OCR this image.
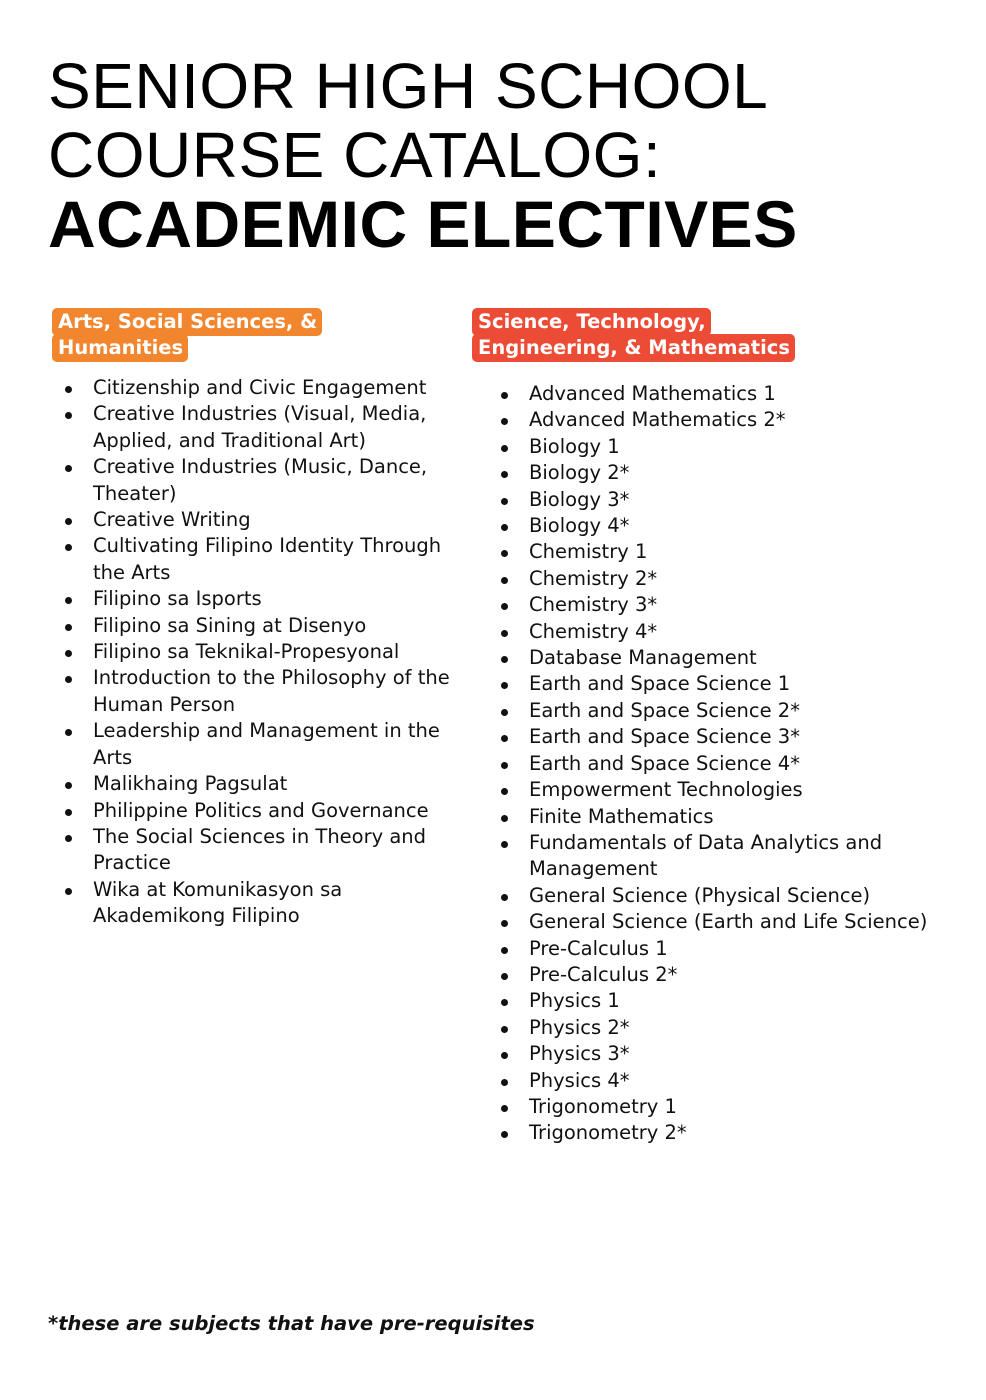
SENIOR HIGH SCHOOL
COURSE CATALOG:
ACADEMIC ELECTIVES
Arts, Social Sciences, &
Humanities
Citizenship and Civic Engagement
Creative Industries (Visual, Media, Applied, and Traditional Art)
Creative Industries (Music, Dance, Theater)
Creative Writing
Cultivating Filipino Identity Through the Arts
Filipino sa Isports
Filipino sa Sining at Disenyo
Filipino sa Teknikal-Propesyonal
Introduction to the Philosophy of the Human Person
Leadership and Management in the Arts
Malikhaing Pagsulat
Philippine Politics and Governance
The Social Sciences in Theory and Practice
Wika at Komunikasyon sa Akademikong Filipino
Science, Technology,
Engineering, & Mathematics
Advanced Mathematics 1
Advanced Mathematics 2*
Biology 1
Biology 2*
Biology 3*
Biology 4*
Chemistry 1
Chemistry 2*
Chemistry 3*
Chemistry 4*
Database Management
Earth and Space Science 1
Earth and Space Science 2*
Earth and Space Science 3*
Earth and Space Science 4*
Empowerment Technologies
Finite Mathematics
Fundamentals of Data Analytics and Management
General Science (Physical Science)
General Science (Earth and Life Science)
Pre-Calculus 1
Pre-Calculus 2*
Physics 1
Physics 2*
Physics 3*
Physics 4*
Trigonometry 1
Trigonometry 2*
*these are subjects that have pre-requisites
